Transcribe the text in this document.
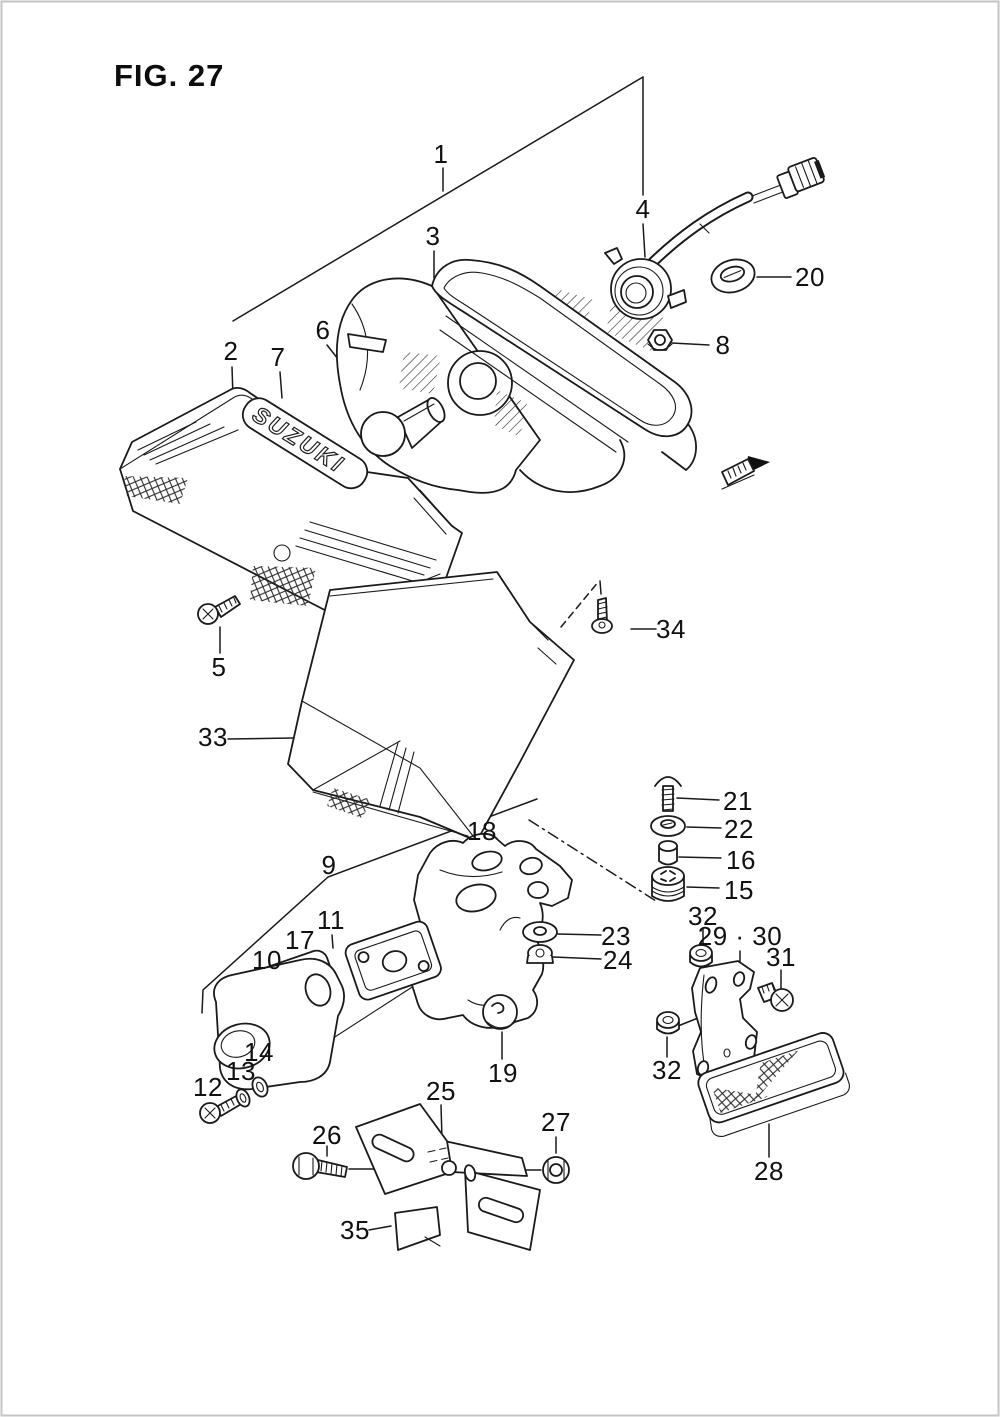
FIG. 27
SUZUKI
1
2
3
4
5
6
7	8
9
10
11
12
13
14
15
16
17
18
19
20
21
22
23
24
25
26	27
28
29 · 30
31
32
32
33
34
35
